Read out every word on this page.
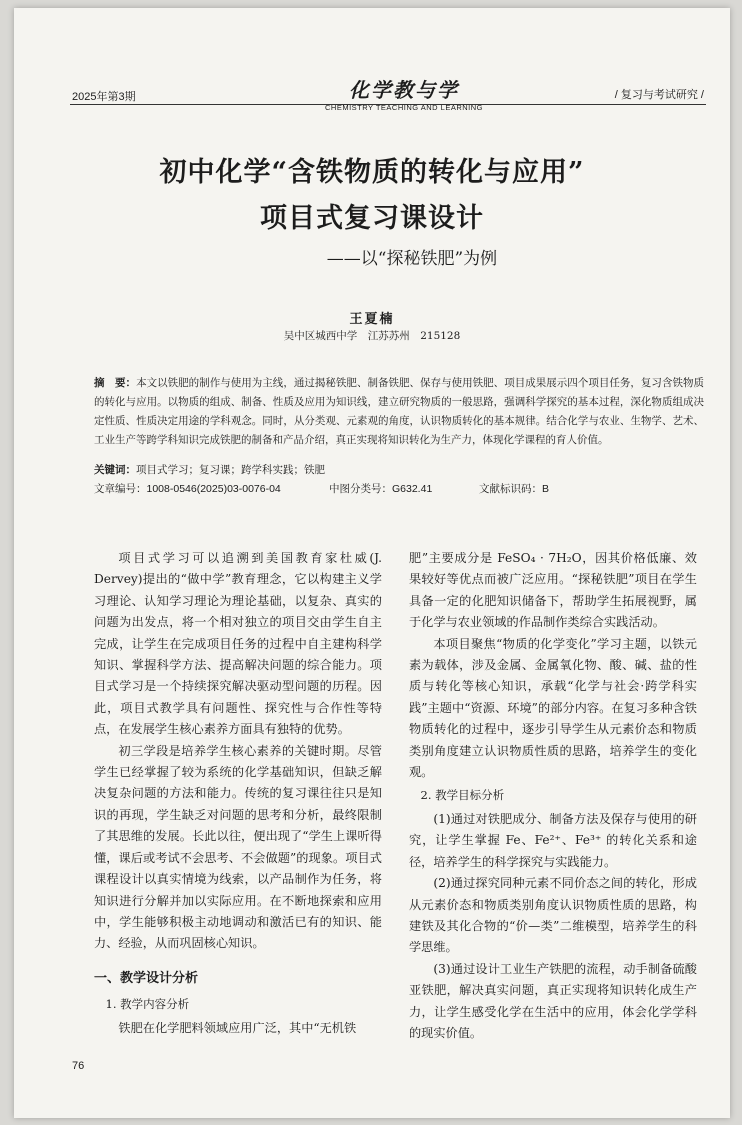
2025年第3期	化学教与学
CHEMISTRY TEACHING AND LEARNING
/ 复习与考试研究 /
初中化学“含铁物质的转化与应用”
项目式复习课设计
——以“探秘铁肥”为例
王夏楠
吴中区城西中学　江苏苏州　215128
摘　要：本文以铁肥的制作与使用为主线，通过揭秘铁肥、制备铁肥、保存与使用铁肥、项目成果展示四个项目任务，复习含铁物质的转化与应用。以物质的组成、制备、性质及应用为知识线，建立研究物质的一般思路，强调科学探究的基本过程，深化物质组成决定性质、性质决定用途的学科观念。同时，从分类观、元素观的角度，认识物质转化的基本规律。结合化学与农业、生物学、艺术、工业生产等跨学科知识完成铁肥的制备和产品介绍，真正实现将知识转化为生产力，体现化学课程的育人价值。
关键词：项目式学习；复习课；跨学科实践；铁肥
文章编号：1008-0546(2025)03-0076-04	中图分类号：G632.41	文献标识码：B

项目式学习可以追溯到美国教育家杜威(J. Dervey)提出的“做中学”教育理念，它以构建主义学习理论、认知学习理论为理论基础，以复杂、真实的问题为出发点，将一个相对独立的项目交由学生自主完成，让学生在完成项目任务的过程中自主建构科学知识、掌握科学方法、提高解决问题的综合能力。项目式学习是一个持续探究解决驱动型问题的历程。因此，项目式教学具有问题性、探究性与合作性等特点，在发展学生核心素养方面具有独特的优势。

初三学段是培养学生核心素养的关键时期。尽管学生已经掌握了较为系统的化学基础知识，但缺乏解决复杂问题的方法和能力。传统的复习课往往只是知识的再现，学生缺乏对问题的思考和分析，最终限制了其思维的发展。长此以往，便出现了“学生上课听得懂，课后或考试不会思考、不会做题”的现象。项目式课程设计以真实情境为线索，以产品制作为任务，将知识进行分解并加以实际应用。在不断地探索和应用中，学生能够积极主动地调动和激活已有的知识、能力、经验，从而巩固核心知识。

一、教学设计分析

1. 教学内容分析

铁肥在化学肥料领域应用广泛，其中“无机铁

肥”主要成分是 FeSO₄ · 7H₂O，因其价格低廉、效果较好等优点而被广泛应用。“探秘铁肥”项目在学生具备一定的化肥知识储备下，帮助学生拓展视野，属于化学与农业领域的作品制作类综合实践活动。

本项目聚焦“物质的化学变化”学习主题，以铁元素为载体，涉及金属、金属氧化物、酸、碱、盐的性质与转化等核心知识，承载“化学与社会·跨学科实践”主题中“资源、环境”的部分内容。在复习多种含铁物质转化的过程中，逐步引导学生从元素价态和物质类别角度建立认识物质性质的思路，培养学生的变化观。

2. 教学目标分析

(1)通过对铁肥成分、制备方法及保存与使用的研究，让学生掌握 Fe、Fe²⁺、Fe³⁺ 的转化关系和途径，培养学生的科学探究与实践能力。

(2)通过探究同种元素不同价态之间的转化，形成从元素价态和物质类别角度认识物质性质的思路，构建铁及其化合物的“价—类”二维模型，培养学生的科学思维。

(3)通过设计工业生产铁肥的流程，动手制备硫酸亚铁肥，解决真实问题，真正实现将知识转化成生产力，让学生感受化学在生活中的应用，体会化学学科的现实价值。

76
